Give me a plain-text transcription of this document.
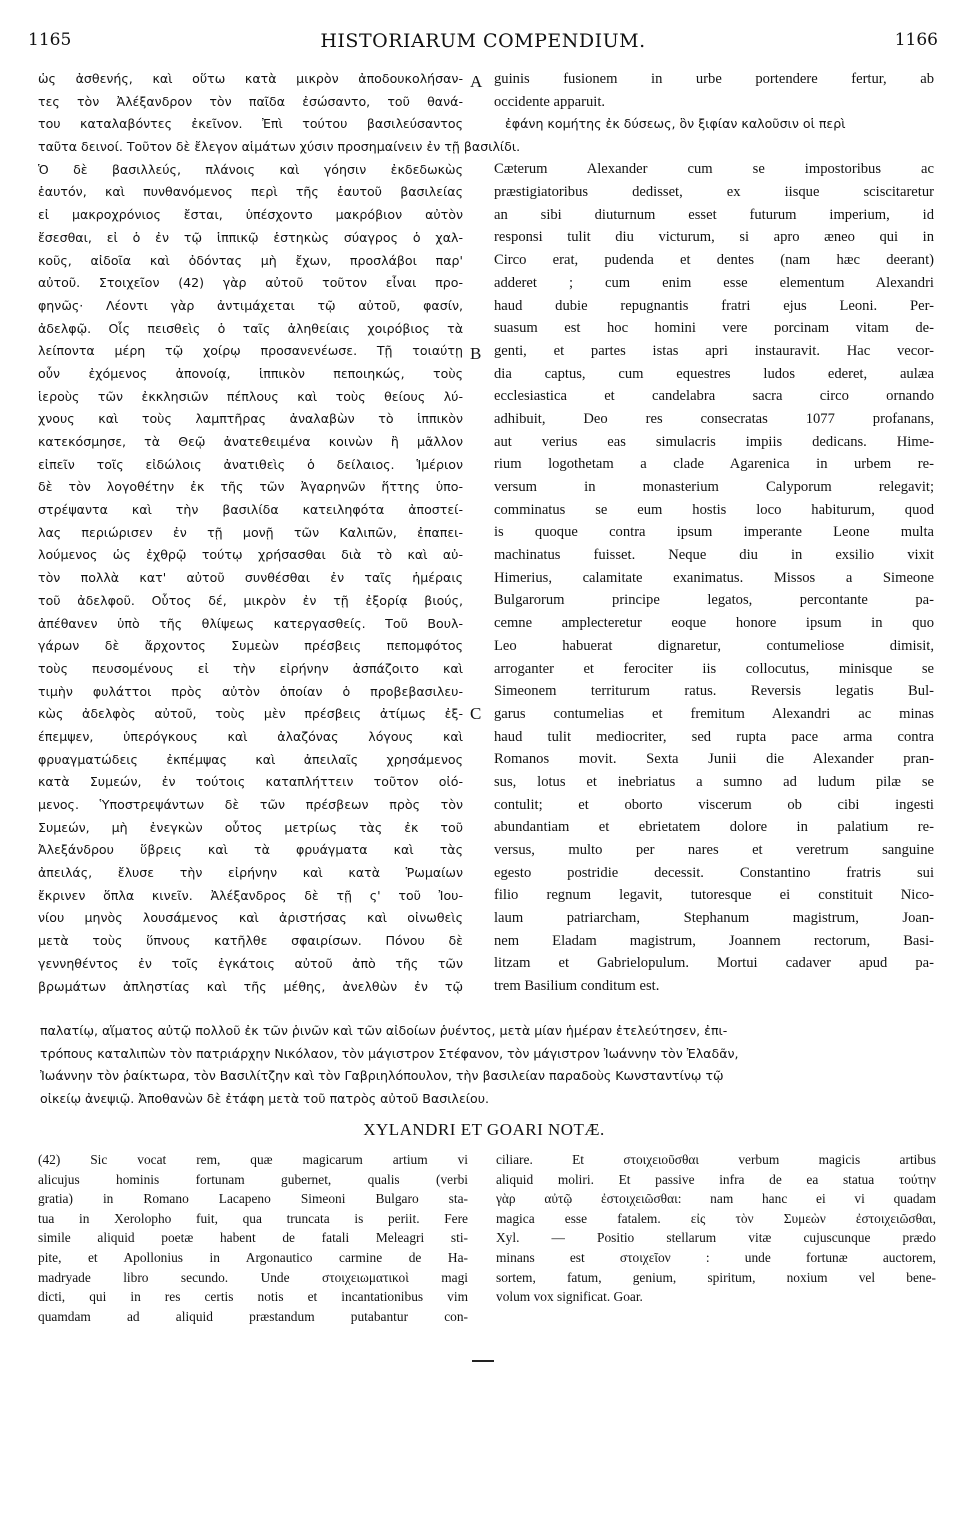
1165	HISTORIARUM COMPENDIUM.	1166
A
B
C
ὡς ἀσθενής, καὶ οὕτω κατὰ μικρὸν ἀποδουκολήσαν-
τες τὸν Ἀλέξανδρον τὸν παῖδα ἐσώσαντο, τοῦ θανά-
του καταλαβόντες ἐκεῖνον. Ἐπὶ τούτου βασιλεύσαντος
ταῦτα δεινοί. Τοῦτον δὲ ἔλεγον αἱμάτων χύσιν προσημαίνειν ἐν τῇ βασιλίδι.
Ὁ δὲ βασιλλεύς, πλάνοις καὶ γόησιν ἐκδεδωκὼς
ἑαυτόν, καὶ πυνθανόμενος περὶ τῆς ἑαυτοῦ βασιλείας
εἰ μακροχρόνιος ἔσται, ὑπέσχοντο μακρόβιον αὐτὸν
ἔσεσθαι, εἰ ὁ ἐν τῷ ἱππικῷ ἑστηκὼς σύαγρος ὁ χαλ-
κοῦς, αἰδοῖα καὶ ὀδόντας μὴ ἔχων, προσλάβοι παρ'
αὐτοῦ. Στοιχεῖον (42) γὰρ αὐτοῦ τοῦτον εἶναι προ-
φηνῶς· Λέοντι γὰρ ἀντιμάχεται τῷ αὐτοῦ, φασίν,
ἀδελφῷ. Οἷς πεισθεὶς ὁ ταῖς ἀληθείαις χοιρόβιος τὰ
λείποντα μέρη τῷ χοίρῳ προσανενέωσε. Τῇ τοιαύτῃ
οὖν ἐχόμενος ἀπονοίᾳ, ἱππικὸν πεποιηκώς, τοὺς
ἱεροὺς τῶν ἐκκλησιῶν πέπλους καὶ τοὺς θείους λύ-
χνους καὶ τοὺς λαμπτῆρας ἀναλαβὼν τὸ ἱππικὸν
κατεκόσμησε, τὰ Θεῷ ἀνατεθειμένα κοινὼν ἢ μᾶλλον
εἰπεῖν τοῖς εἰδώλοις ἀνατιθεὶς ὁ δείλαιος. Ἱμέριον
δὲ τὸν λογοθέτην ἐκ τῆς τῶν Ἀγαρηνῶν ἥττης ὑπο-
στρέψαντα καὶ τὴν βασιλίδα κατειληφότα ἀποστεί-
λας περιώρισεν ἐν τῇ μονῇ τῶν Καλιπῶν, ἐπαπει-
λούμενος ὡς ἐχθρῷ τούτῳ χρήσασθαι διὰ τὸ καὶ αὐ-
τὸν πολλὰ κατ' αὐτοῦ συνθέσθαι ἐν ταῖς ἡμέραις
τοῦ ἀδελφοῦ. Οὗτος δέ, μικρὸν ἐν τῇ ἐξορίᾳ βιούς,
ἀπέθανεν ὑπὸ τῆς θλίψεως κατεργασθείς. Τοῦ Βουλ-
γάρων δὲ ἄρχοντος Συμεὼν πρέσβεις πεπομφότος
τοὺς πευσομένους εἰ τὴν εἰρήνην ἀσπάζοιτο καὶ
τιμὴν φυλάττοι πρὸς αὐτὸν ὁποίαν ὁ προβεβασιλευ-
κὼς ἀδελφὸς αὐτοῦ, τοὺς μὲν πρέσβεις ἀτίμως ἐξ-
έπεμψεν, ὑπερόγκους καὶ ἀλαζόνας λόγους καὶ
φρυαγματώδεις ἐκπέμψας καὶ ἀπειλαῖς χρησάμενος
κατὰ Συμεών, ἐν τούτοις καταπλήττειν τοῦτον οἰό-
μενος. Ὑποστρεψάντων δὲ τῶν πρέσβεων πρὸς τὸν
Συμεών, μὴ ἐνεγκὼν οὗτος μετρίως τὰς ἐκ τοῦ
Ἀλεξάνδρου ὕβρεις καὶ τὰ φρυάγματα καὶ τὰς
ἀπειλάς, ἔλυσε τὴν εἰρήνην καὶ κατὰ Ῥωμαίων
ἔκρινεν ὅπλα κινεῖν. Ἀλέξανδρος δὲ τῇ ς' τοῦ Ἰου-
νίου μηνὸς λουσάμενος καὶ ἀριστήσας καὶ οἰνωθεὶς
μετὰ τοὺς ὕπνους κατῆλθε σφαιρίσων. Πόνου δὲ
γεννηθέντος ἐν τοῖς ἐγκάτοις αὐτοῦ ἀπὸ τῆς τῶν
βρωμάτων ἀπληστίας καὶ τῆς μέθης, ἀνελθὼν ἐν τῷ
guinis fusionem in urbe portendere fertur, ab
occidente apparuit.
Cæterum Alexander cum se impostoribus ac
præstigiatoribus dedisset, ex iisque sciscitaretur
an sibi diuturnum esset futurum imperium, id
responsi tulit diu victurum, si apro æneo qui in
Circo erat, pudenda et dentes (nam hæc deerant)
adderet ; cum enim esse elementum Alexandri
haud dubie repugnantis fratri ejus Leoni. Per-
suasum est hoc homini vere porcinam vitam de-
genti, et partes istas apri instauravit. Hac vecor-
dia captus, cum equestres ludos ederet, aulæa
ecclesiastica et candelabra sacra circo ornando
adhibuit, Deo res consecratas 1077 profanans,
aut verius eas simulacris impiis dedicans. Hime-
rium logothetam a clade Agarenica in urbem re-
versum in monasterium Calyporum relegavit;
comminatus se eum hostis loco habiturum, quod
is quoque contra ipsum imperante Leone multa
machinatus fuisset. Neque diu in exsilio vixit
Himerius, calamitate exanimatus. Missos a Simeone
Bulgarorum principe legatos, percontante pa-
cemne amplecteretur eoque honore ipsum in quo
Leo habuerat dignaretur, contumeliose dimisit,
arroganter et ferociter iis collocutus, minisque se
Simeonem territurum ratus. Reversis legatis Bul-
garus contumelias et fremitum Alexandri ac minas
haud tulit mediocriter, sed rupta pace arma contra
Romanos movit. Sexta Junii die Alexander pran-
sus, lotus et inebriatus a sumno ad ludum pilæ se
contulit; et oborto viscerum ob cibi ingesti
abundantiam et ebrietatem dolore in palatium re-
versus, multo per nares et veretrum sanguine
egesto postridie decessit. Constantino fratris sui
filio regnum legavit, tutoresque ei constituit Nico-
laum patriarcham, Stephanum magistrum, Joan-
nem Eladam magistrum, Joannem rectorum, Basi-
litzam et Gabrielopulum. Mortui cadaver apud pa-
trem Basilium conditum est.
ἐφάνη κομήτης ἐκ δύσεως, ὃν ξιφίαν καλοῦσιν οἱ περὶ
παλατίῳ, αἵματος αὐτῷ πολλοῦ ἐκ τῶν ῥινῶν καὶ τῶν αἰδοίων ῥυέντος, μετὰ μίαν ἡμέραν ἐτελεύτησεν, ἐπι-
τρόπους καταλιπὼν τὸν πατριάρχην Νικόλαον, τὸν μάγιστρον Στέφανον, τὸν μάγιστρον Ἰωάννην τὸν Ἐλαδᾶν,
Ἰωάννην τὸν ῥαίκτωρα, τὸν Βασιλίτζην καὶ τὸν Γαβριηλόπουλον, τὴν βασιλείαν παραδοὺς Κωνσταντίνῳ τῷ
οἰκείῳ ἀνεψιῷ. Ἀποθανὼν δὲ ἐτάφη μετὰ τοῦ πατρὸς αὐτοῦ Βασιλείου.
XYLANDRI ET GOARI NOTÆ.
(42) Sic vocat rem, quæ magicarum artium vi
alicujus hominis fortunam gubernet, qualis (verbi
gratia) in Romano Lacapeno Simeoni Bulgaro sta-
tua in Xerolopho fuit, qua truncata is periit. Fere
simile aliquid poetæ habent de fatali Meleagri sti-
pite, et Apollonius in Argonautico carmine de Ha-
madryade libro secundo. Unde στοιχειωματικοὶ magi
dicti, qui in res certis notis et incantationibus vim
quamdam ad aliquid præstandum putabantur con-
ciliare. Et στοιχειοῦσθαι verbum magicis artibus
aliquid moliri. Et passive infra de ea statua τούτην
γὰρ αὐτῷ ἐστοιχειῶσθαι: nam hanc ei vi quadam
magica esse fatalem. εἰς τὸν Συμεὼν ἐστοιχειῶσθαι,
Xyl. — Positio stellarum vitæ cujuscunque prædo
minans est στοιχεῖον : unde fortunæ auctorem,
sortem, fatum, genium, spiritum, noxium vel bene-
volum vox significat. Goar.
